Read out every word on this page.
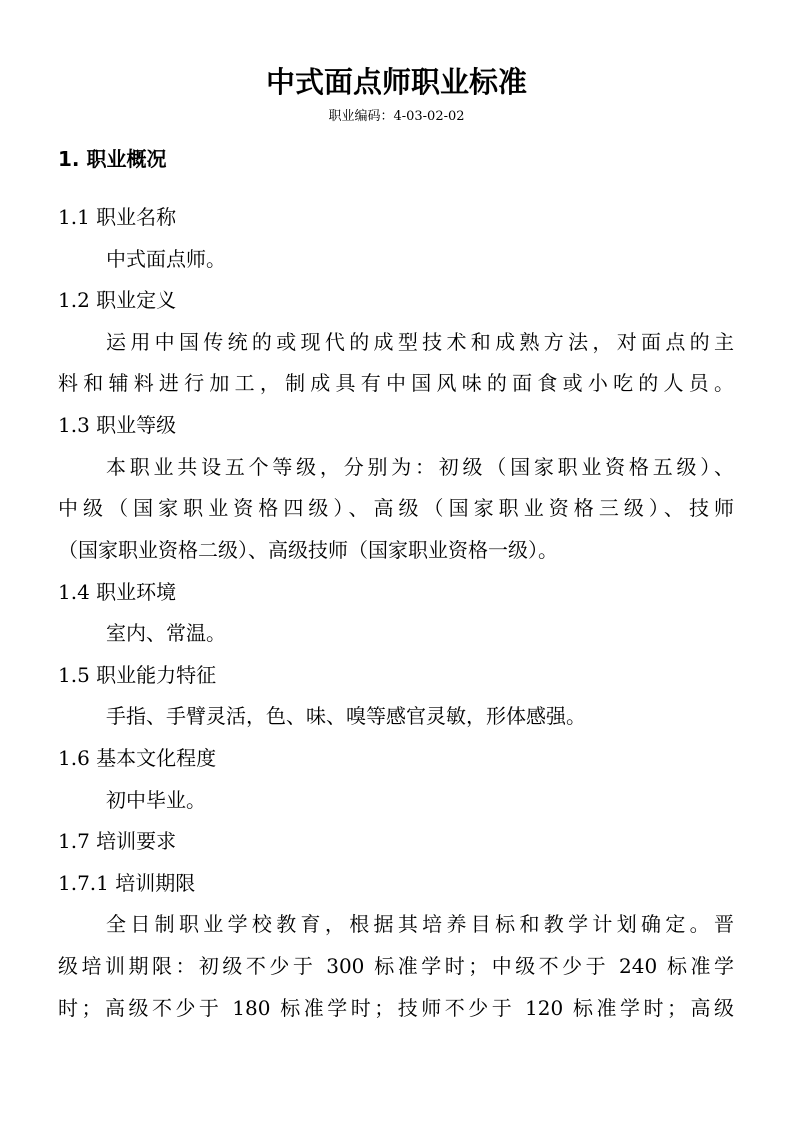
中式面点师职业标准
职业编码：4-03-02-02
1. 职业概况
1.1 职业名称
中式面点师。
1.2 职业定义
运用中国传统的或现代的成型技术和成熟方法，对面点的主
料和辅料进行加工，制成具有中国风味的面食或小吃的人员。
1.3 职业等级
本职业共设五个等级，分别为：初级（国家职业资格五级）、
中级（国家职业资格四级）、高级（国家职业资格三级）、技师
（国家职业资格二级）、高级技师（国家职业资格一级）。
1.4 职业环境
室内、常温。
1.5 职业能力特征
手指、手臂灵活，色、味、嗅等感官灵敏，形体感强。
1.6 基本文化程度
初中毕业。
1.7 培训要求
1.7.1 培训期限
全日制职业学校教育，根据其培养目标和教学计划确定。晋
级培训期限：初级不少于 300 标准学时；中级不少于 240 标准学
时；高级不少于 180 标准学时；技师不少于 120 标准学时；高级
